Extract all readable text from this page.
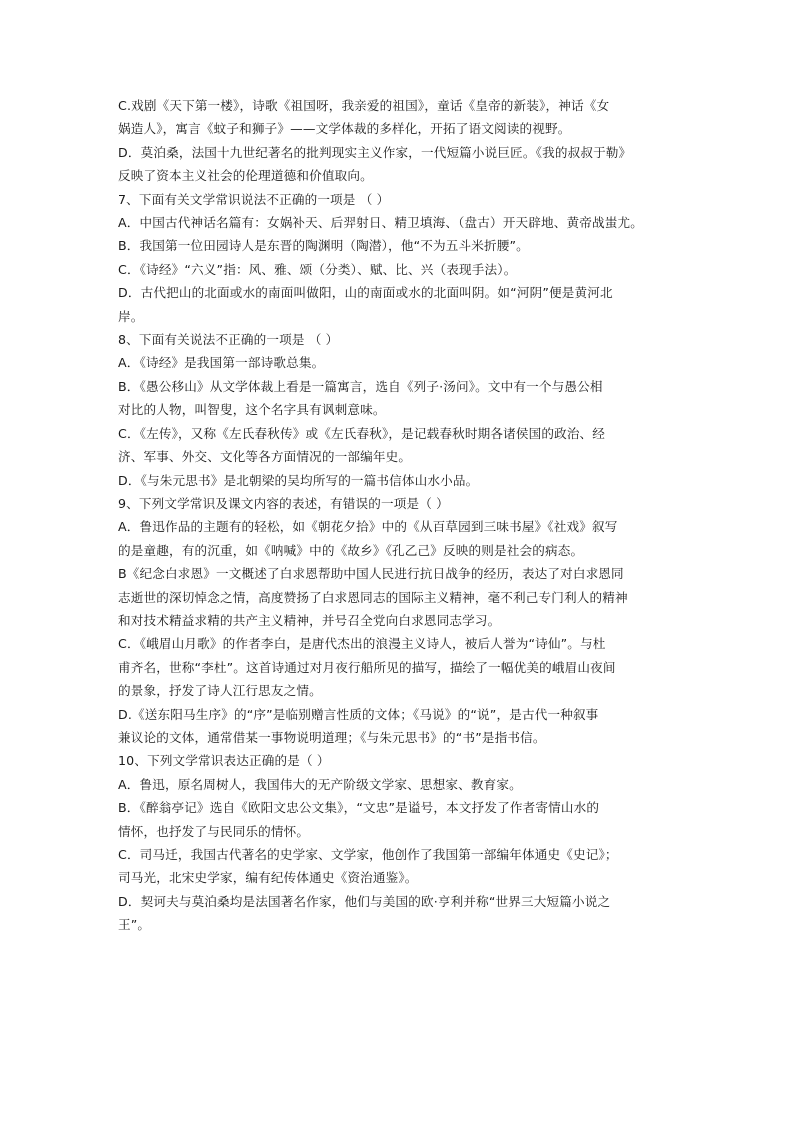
C.戏剧《天下第一楼》，诗歌《祖国呀，我亲爱的祖国》，童话《皇帝的新装》，神话《女
娲造人》，寓言《蚊子和狮子》——文学体裁的多样化，开拓了语文阅读的视野。
D．莫泊桑，法国十九世纪著名的批判现实主义作家，一代短篇小说巨匠。《我的叔叔于勒》
反映了资本主义社会的伦理道德和价值取向。
7、下面有关文学常识说法不正确的一项是 （ ）
A．中国古代神话名篇有：女娲补天、后羿射日、精卫填海、（盘古）开天辟地、黄帝战蚩尤。
B．我国第一位田园诗人是东晋的陶渊明（陶潜），他“不为五斗米折腰”。
C．《诗经》“六义”指：风、雅、颂（分类）、赋、比、兴（表现手法）。
D．古代把山的北面或水的南面叫做阳，山的南面或水的北面叫阴。如“河阴”便是黄河北
岸。
8、下面有关说法不正确的一项是 （ ）
A．《诗经》是我国第一部诗歌总集。
B．《愚公移山》从文学体裁上看是一篇寓言，选自《列子·汤问》。文中有一个与愚公相
对比的人物，叫智叟，这个名字具有讽刺意味。
C．《左传》，又称《左氏春秋传》或《左氏春秋》，是记载春秋时期各诸侯国的政治、经
济、军事、外交、文化等各方面情况的一部编年史。
D．《与朱元思书》是北朝梁的吴均所写的一篇书信体山水小品。
9、下列文学常识及课文内容的表述，有错误的一项是（ ）
A．鲁迅作品的主题有的轻松，如《朝花夕拾》中的《从百草园到三味书屋》《社戏》叙写
的是童趣，有的沉重，如《呐喊》中的《故乡》《孔乙己》反映的则是社会的病态。
B《纪念白求恩》一文概述了白求恩帮助中国人民进行抗日战争的经历，表达了对白求恩同
志逝世的深切悼念之情，高度赞扬了白求恩同志的国际主义精神，毫不利己专门利人的精神
和对技术精益求精的共产主义精神，并号召全党向白求恩同志学习。
C．《峨眉山月歌》的作者李白，是唐代杰出的浪漫主义诗人，被后人誉为“诗仙”。与杜
甫齐名，世称“李杜”。这首诗通过对月夜行船所见的描写，描绘了一幅优美的峨眉山夜间
的景象，抒发了诗人江行思友之情。
D.《送东阳马生序》的“序”是临别赠言性质的文体；《马说》的“说”，是古代一种叙事
兼议论的文体，通常借某一事物说明道理；《与朱元思书》的“书”是指书信。
10、下列文学常识表达正确的是（ ）
A．鲁迅，原名周树人，我国伟大的无产阶级文学家、思想家、教育家。
B．《醉翁亭记》选自《欧阳文忠公文集》，“文忠”是谥号，本文抒发了作者寄情山水的
情怀，也抒发了与民同乐的情怀。
C．司马迁，我国古代著名的史学家、文学家，他创作了我国第一部编年体通史《史记》；
司马光，北宋史学家，编有纪传体通史《资治通鉴》。
D．契诃夫与莫泊桑均是法国著名作家，他们与美国的欧·亨利并称“世界三大短篇小说之
王”。
